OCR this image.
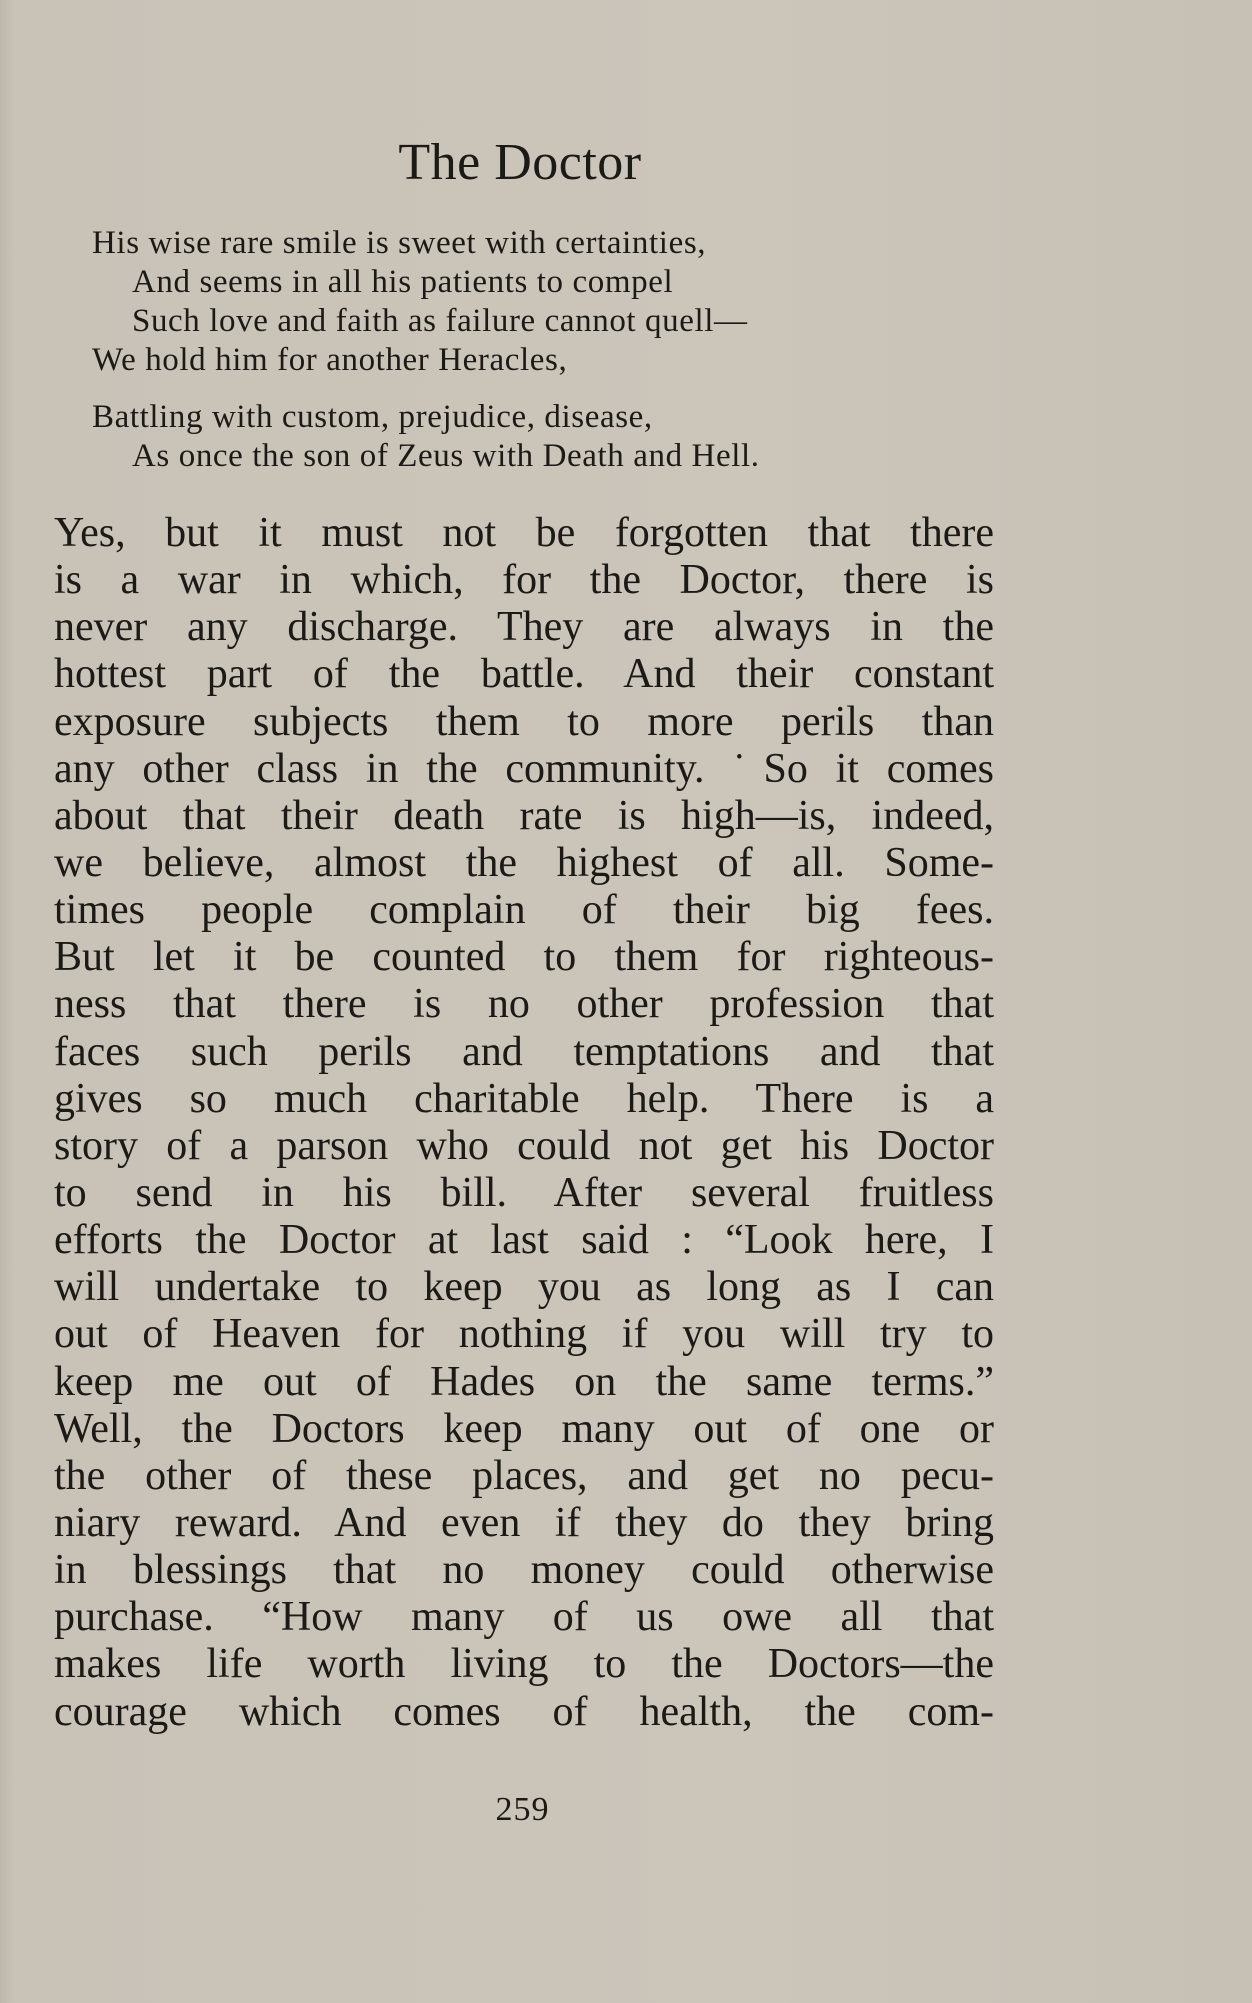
The Doctor
His wise rare smile is sweet with certainties,
And seems in all his patients to compel
Such love and faith as failure cannot quell—
We hold him for another Heracles,
Battling with custom, prejudice, disease,
As once the son of Zeus with Death and Hell.
Yes, but it must not be forgotten that there
is a war in which, for the Doctor, there is
never any discharge. They are always in the
hottest part of the battle. And their constant
exposure subjects them to more perils than
any other class in the community. ˙So it comes
about that their death rate is high—is, indeed,
we believe, almost the highest of all. Some-
times people complain of their big fees.
But let it be counted to them for righteous-
ness that there is no other profession that
faces such perils and temptations and that
gives so much charitable help. There is a
story of a parson who could not get his Doctor
to send in his bill. After several fruitless
efforts the Doctor at last said : “Look here, I
will undertake to keep you as long as I can
out of Heaven for nothing if you will try to
keep me out of Hades on the same terms.”
Well, the Doctors keep many out of one or
the other of these places, and get no pecu-
niary reward. And even if they do they bring
in blessings that no money could otherwise
purchase. “How many of us owe all that
makes life worth living to the Doctors—the
courage which comes of health, the com-
259
